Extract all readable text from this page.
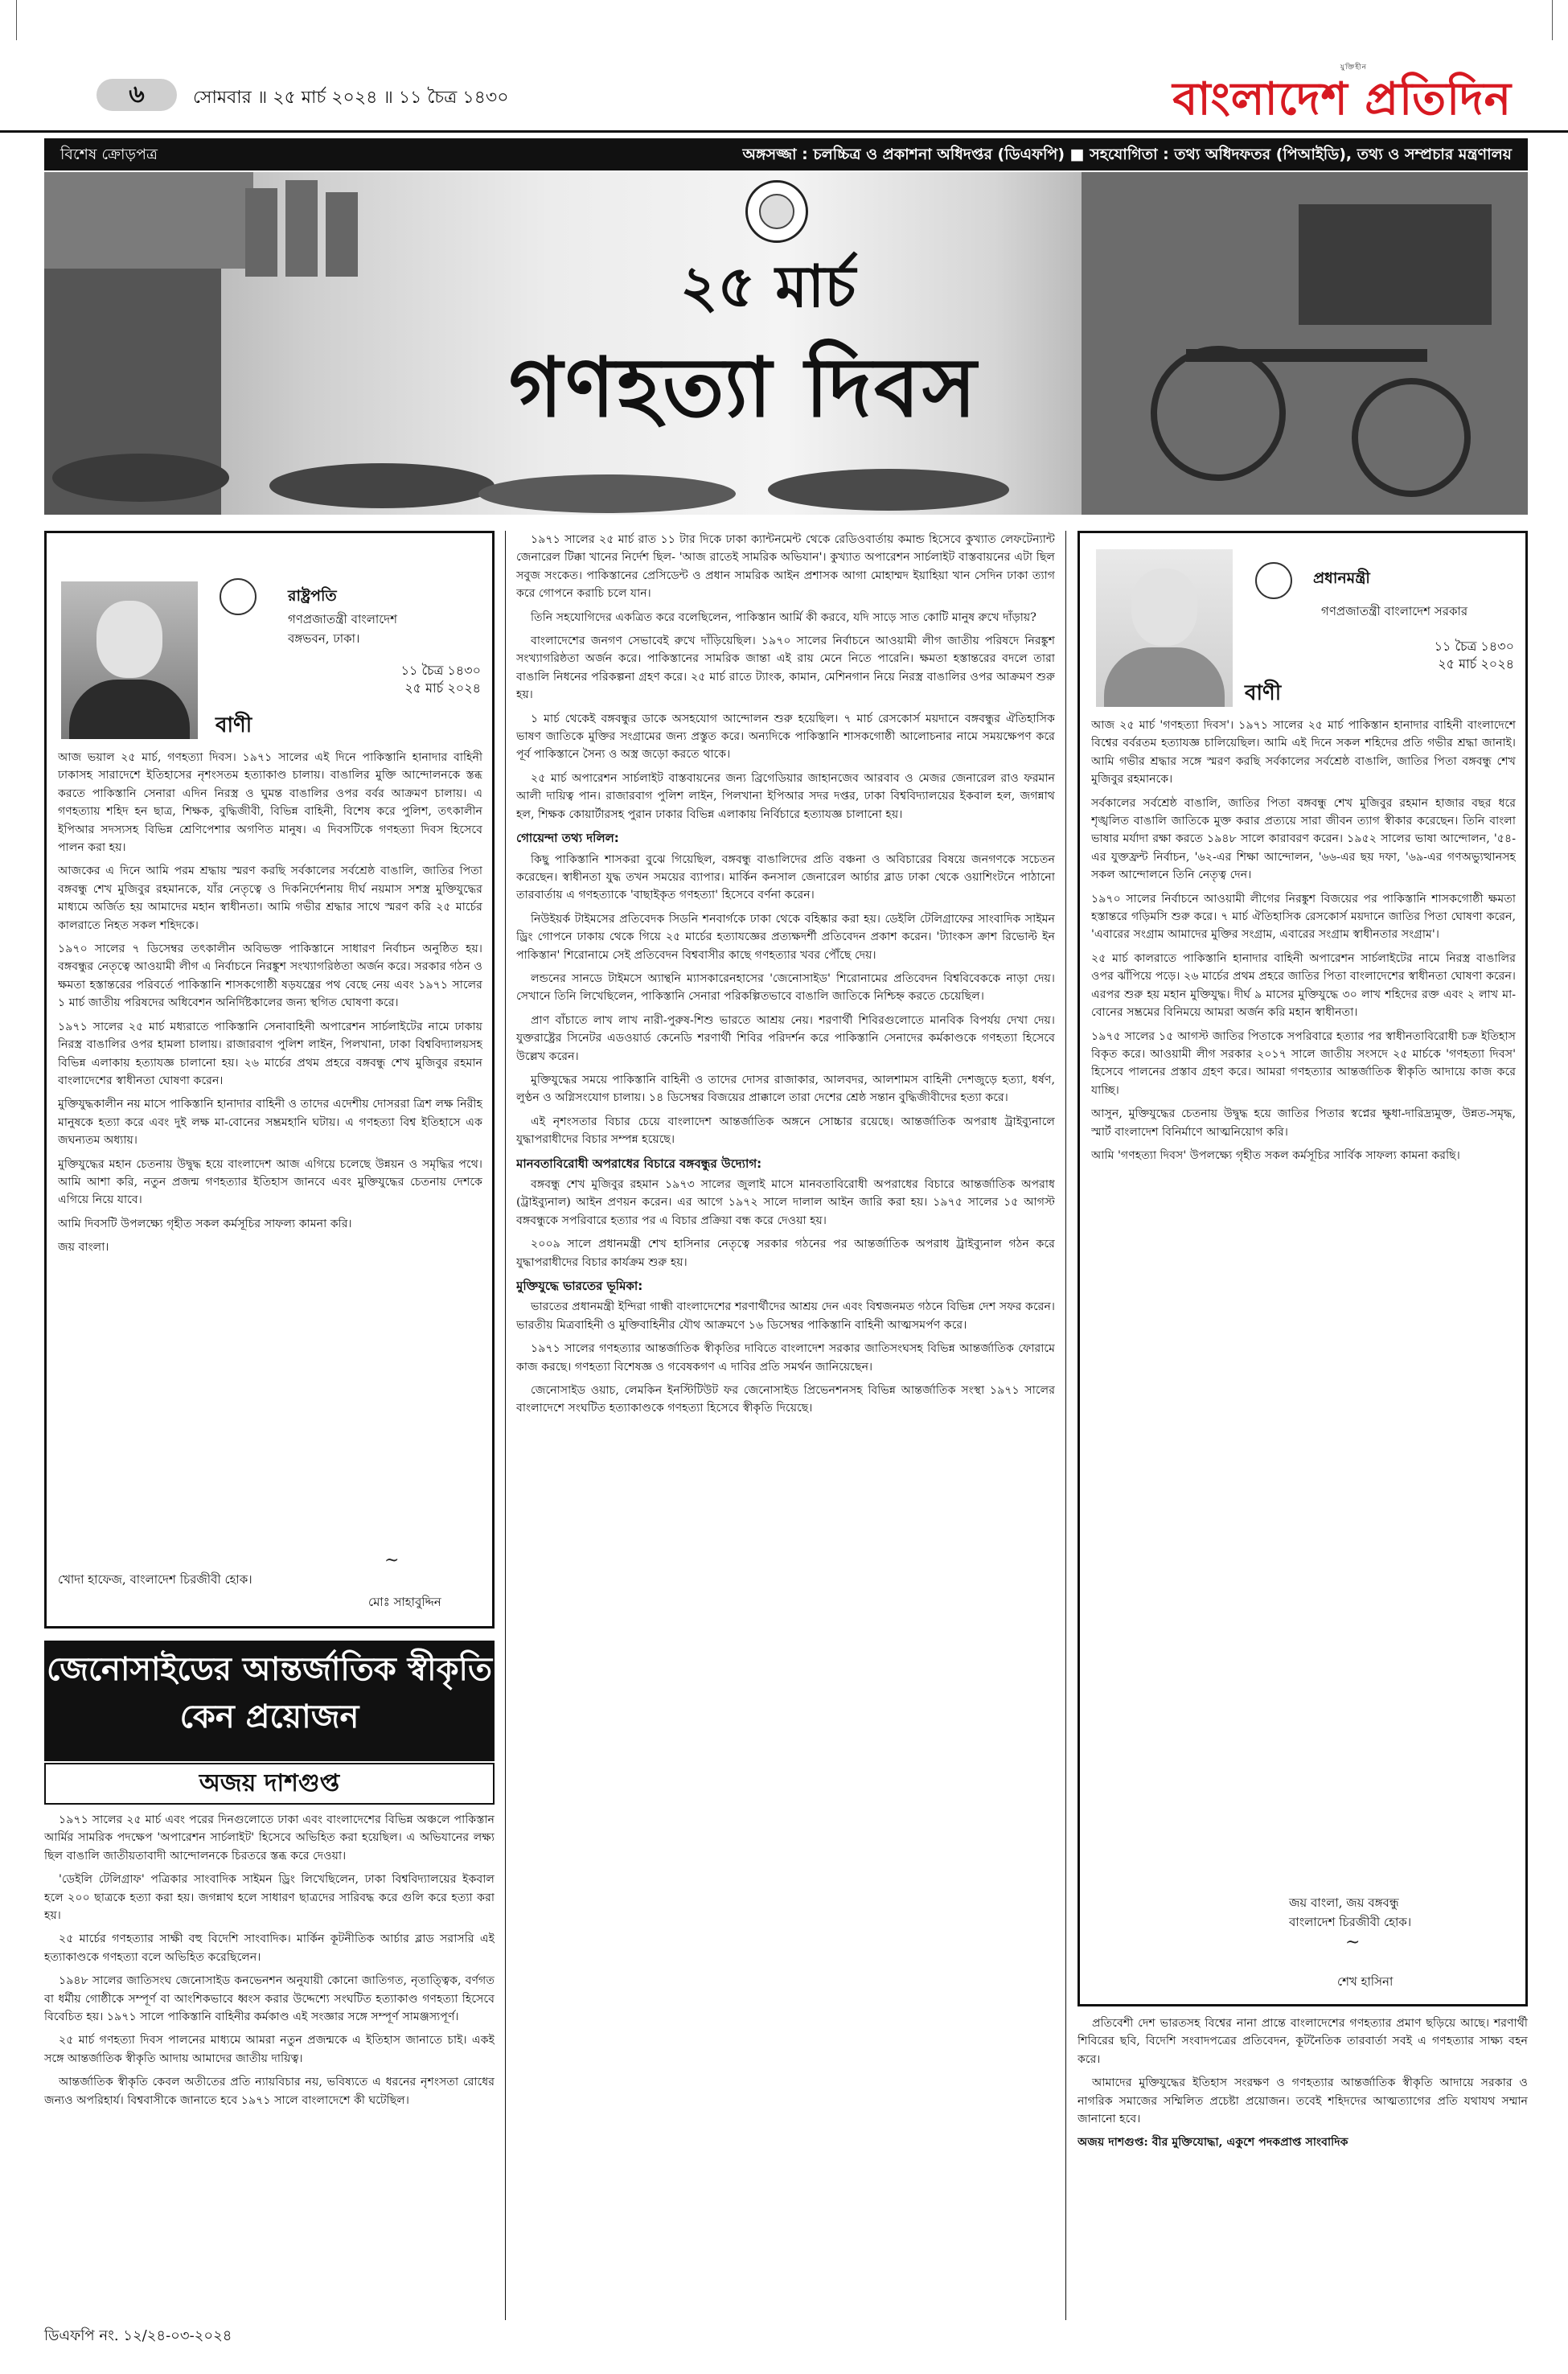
৬	সোমবার ॥ ২৫ মার্চ ২০২৪ ॥ ১১ চৈত্র ১৪৩০
যুক্তিহীন
বাংলাদেশ প্রতিদিন
বিশেষ ক্রোড়পত্র	অঙ্গসজ্জা : চলচ্চিত্র ও প্রকাশনা অধিদপ্তর (ডিএফপি) ■ সহযোগিতা : তথ্য অধিদফতর (পিআইডি), তথ্য ও সম্প্রচার মন্ত্রণালয়
২৫ মার্চ
গণহত্যা দিবস
রাষ্ট্রপতি
গণপ্রজাতন্ত্রী বাংলাদেশ
বঙ্গভবন, ঢাকা।
১১ চৈত্র ১৪৩০
২৫ মার্চ ২০২৪
বাণী

আজ ভয়াল ২৫ মার্চ, গণহত্যা দিবস। ১৯৭১ সালের এই দিনে পাকিস্তানি হানাদার বাহিনী ঢাকাসহ সারাদেশে ইতিহাসের নৃশংসতম হত্যাকাণ্ড চালায়। বাঙালির মুক্তি আন্দোলনকে স্তব্ধ করতে পাকিস্তানি সেনারা এদিন নিরস্ত্র ও ঘুমন্ত বাঙালির ওপর বর্বর আক্রমণ চালায়। এ গণহত্যায় শহিদ হন ছাত্র, শিক্ষক, বুদ্ধিজীবী, বিভিন্ন বাহিনী, বিশেষ করে পুলিশ, তৎকালীন ইপিআর সদস্যসহ বিভিন্ন শ্রেণিপেশার অগণিত মানুষ। এ দিবসটিকে গণহত্যা দিবস হিসেবে পালন করা হয়।

আজকের এ দিনে আমি পরম শ্রদ্ধায় স্মরণ করছি সর্বকালের সর্বশ্রেষ্ঠ বাঙালি, জাতির পিতা বঙ্গবন্ধু শেখ মুজিবুর রহমানকে, যাঁর নেতৃত্বে ও দিকনির্দেশনায় দীর্ঘ নয়মাস সশস্ত্র মুক্তিযুদ্ধের মাধ্যমে অর্জিত হয় আমাদের মহান স্বাধীনতা। আমি গভীর শ্রদ্ধার সাথে স্মরণ করি ২৫ মার্চের কালরাতে নিহত সকল শহিদকে।

১৯৭০ সালের ৭ ডিসেম্বর তৎকালীন অবিভক্ত পাকিস্তানে সাধারণ নির্বাচন অনুষ্ঠিত হয়। বঙ্গবন্ধুর নেতৃত্বে আওয়ামী লীগ এ নির্বাচনে নিরঙ্কুশ সংখ্যাগরিষ্ঠতা অর্জন করে। সরকার গঠন ও ক্ষমতা হস্তান্তরের পরিবর্তে পাকিস্তানি শাসকগোষ্ঠী ষড়যন্ত্রের পথ বেছে নেয় এবং ১৯৭১ সালের ১ মার্চ জাতীয় পরিষদের অধিবেশন অনির্দিষ্টকালের জন্য স্থগিত ঘোষণা করে।

১৯৭১ সালের ২৫ মার্চ মধ্যরাতে পাকিস্তানি সেনাবাহিনী অপারেশন সার্চলাইটের নামে ঢাকায় নিরস্ত্র বাঙালির ওপর হামলা চালায়। রাজারবাগ পুলিশ লাইন, পিলখানা, ঢাকা বিশ্ববিদ্যালয়সহ বিভিন্ন এলাকায় হত্যাযজ্ঞ চালানো হয়। ২৬ মার্চের প্রথম প্রহরে বঙ্গবন্ধু শেখ মুজিবুর রহমান বাংলাদেশের স্বাধীনতা ঘোষণা করেন।

মুক্তিযুদ্ধকালীন নয় মাসে পাকিস্তানি হানাদার বাহিনী ও তাদের এদেশীয় দোসররা ত্রিশ লক্ষ নিরীহ মানুষকে হত্যা করে এবং দুই লক্ষ মা-বোনের সম্ভ্রমহানি ঘটায়। এ গণহত্যা বিশ্ব ইতিহাসে এক জঘন্যতম অধ্যায়।

মুক্তিযুদ্ধের মহান চেতনায় উদ্বুদ্ধ হয়ে বাংলাদেশ আজ এগিয়ে চলেছে উন্নয়ন ও সমৃদ্ধির পথে। আমি আশা করি, নতুন প্রজন্ম গণহত্যার ইতিহাস জানবে এবং মুক্তিযুদ্ধের চেতনায় দেশকে এগিয়ে নিয়ে যাবে।

আমি দিবসটি উপলক্ষ্যে গৃহীত সকল কর্মসূচির সাফল্য কামনা করি।

জয় বাংলা।

খোদা হাফেজ, বাংলাদেশ চিরজীবী হোক।
~
মোঃ সাহাবুদ্দিন
জেনোসাইডের আন্তর্জাতিক স্বীকৃতি
কেন প্রয়োজন
অজয় দাশগুপ্ত

১৯৭১ সালের ২৫ মার্চ এবং পরের দিনগুলোতে ঢাকা এবং বাংলাদেশের বিভিন্ন অঞ্চলে পাকিস্তান আর্মির সামরিক পদক্ষেপ 'অপারেশন সার্চলাইট' হিসেবে অভিহিত করা হয়েছিল। এ অভিযানের লক্ষ্য ছিল বাঙালি জাতীয়তাবাদী আন্দোলনকে চিরতরে স্তব্ধ করে দেওয়া।

'ডেইলি টেলিগ্রাফ' পত্রিকার সাংবাদিক সাইমন ড্রিং লিখেছিলেন, ঢাকা বিশ্ববিদ্যালয়ের ইকবাল হলে ২০০ ছাত্রকে হত্যা করা হয়। জগন্নাথ হলে সাধারণ ছাত্রদের সারিবদ্ধ করে গুলি করে হত্যা করা হয়।

২৫ মার্চের গণহত্যার সাক্ষী বহু বিদেশি সাংবাদিক। মার্কিন কূটনীতিক আর্চার ব্লাড সরাসরি এই হত্যাকাণ্ডকে গণহত্যা বলে অভিহিত করেছিলেন।

১৯৪৮ সালের জাতিসংঘ জেনোসাইড কনভেনশন অনুযায়ী কোনো জাতিগত, নৃতাত্ত্বিক, বর্ণগত বা ধর্মীয় গোষ্ঠীকে সম্পূর্ণ বা আংশিকভাবে ধ্বংস করার উদ্দেশ্যে সংঘটিত হত্যাকাণ্ড গণহত্যা হিসেবে বিবেচিত হয়। ১৯৭১ সালে পাকিস্তানি বাহিনীর কর্মকাণ্ড এই সংজ্ঞার সঙ্গে সম্পূর্ণ সামঞ্জস্যপূর্ণ।

২৫ মার্চ গণহত্যা দিবস পালনের মাধ্যমে আমরা নতুন প্রজন্মকে এ ইতিহাস জানাতে চাই। একই সঙ্গে আন্তর্জাতিক স্বীকৃতি আদায় আমাদের জাতীয় দায়িত্ব।

আন্তর্জাতিক স্বীকৃতি কেবল অতীতের প্রতি ন্যায়বিচার নয়, ভবিষ্যতে এ ধরনের নৃশংসতা রোধের জন্যও অপরিহার্য। বিশ্ববাসীকে জানাতে হবে ১৯৭১ সালে বাংলাদেশে কী ঘটেছিল।

১৯৭১ সালের ২৫ মার্চ রাত ১১ টার দিকে ঢাকা ক্যান্টনমেন্ট থেকে রেডিওবার্তায় কমান্ড হিসেবে কুখ্যাত লেফটেন্যান্ট জেনারেল টিক্কা খানের নির্দেশ ছিল- 'আজ রাতেই সামরিক অভিযান'। কুখ্যাত অপারেশন সার্চলাইট বাস্তবায়নের এটা ছিল সবুজ সংকেত। পাকিস্তানের প্রেসিডেন্ট ও প্রধান সামরিক আইন প্রশাসক আগা মোহাম্মদ ইয়াহিয়া খান সেদিন ঢাকা ত্যাগ করে গোপনে করাচি চলে যান।

তিনি সহযোগিদের একত্রিত করে বলেছিলেন, পাকিস্তান আর্মি কী করবে, যদি সাড়ে সাত কোটি মানুষ রুখে দাঁড়ায়?

বাংলাদেশের জনগণ সেভাবেই রুখে দাঁড়িয়েছিল। ১৯৭০ সালের নির্বাচনে আওয়ামী লীগ জাতীয় পরিষদে নিরঙ্কুশ সংখ্যাগরিষ্ঠতা অর্জন করে। পাকিস্তানের সামরিক জান্তা এই রায় মেনে নিতে পারেনি। ক্ষমতা হস্তান্তরের বদলে তারা বাঙালি নিধনের পরিকল্পনা গ্রহণ করে। ২৫ মার্চ রাতে ট্যাংক, কামান, মেশিনগান নিয়ে নিরস্ত্র বাঙালির ওপর আক্রমণ শুরু হয়।

১ মার্চ থেকেই বঙ্গবন্ধুর ডাকে অসহযোগ আন্দোলন শুরু হয়েছিল। ৭ মার্চ রেসকোর্স ময়দানে বঙ্গবন্ধুর ঐতিহাসিক ভাষণ জাতিকে মুক্তির সংগ্রামের জন্য প্রস্তুত করে। অন্যদিকে পাকিস্তানি শাসকগোষ্ঠী আলোচনার নামে সময়ক্ষেপণ করে পূর্ব পাকিস্তানে সৈন্য ও অস্ত্র জড়ো করতে থাকে।

২৫ মার্চ অপারেশন সার্চলাইট বাস্তবায়নের জন্য ব্রিগেডিয়ার জাহানজেব আরবাব ও মেজর জেনারেল রাও ফরমান আলী দায়িত্ব পান। রাজারবাগ পুলিশ লাইন, পিলখানা ইপিআর সদর দপ্তর, ঢাকা বিশ্ববিদ্যালয়ের ইকবাল হল, জগন্নাথ হল, শিক্ষক কোয়ার্টারসহ পুরান ঢাকার বিভিন্ন এলাকায় নির্বিচারে হত্যাযজ্ঞ চালানো হয়।

গোয়েন্দা তথ্য দলিল:

কিছু পাকিস্তানি শাসকরা বুঝে গিয়েছিল, বঙ্গবন্ধু বাঙালিদের প্রতি বঞ্চনা ও অবিচারের বিষয়ে জনগণকে সচেতন করেছেন। স্বাধীনতা যুদ্ধ তখন সময়ের ব্যাপার। মার্কিন কনসাল জেনারেল আর্চার ব্লাড ঢাকা থেকে ওয়াশিংটনে পাঠানো তারবার্তায় এ গণহত্যাকে 'বাছাইকৃত গণহত্যা' হিসেবে বর্ণনা করেন।

নিউইয়র্ক টাইমসের প্রতিবেদক সিডনি শনবার্গকে ঢাকা থেকে বহিষ্কার করা হয়। ডেইলি টেলিগ্রাফের সাংবাদিক সাইমন ড্রিং গোপনে ঢাকায় থেকে গিয়ে ২৫ মার্চের হত্যাযজ্ঞের প্রত্যক্ষদর্শী প্রতিবেদন প্রকাশ করেন। 'ট্যাংকস ক্রাশ রিভোল্ট ইন পাকিস্তান' শিরোনামে সেই প্রতিবেদন বিশ্ববাসীর কাছে গণহত্যার খবর পৌঁছে দেয়।

লন্ডনের সানডে টাইমসে অ্যান্থনি ম্যাসকারেনহাসের 'জেনোসাইড' শিরোনামের প্রতিবেদন বিশ্ববিবেককে নাড়া দেয়। সেখানে তিনি লিখেছিলেন, পাকিস্তানি সেনারা পরিকল্পিতভাবে বাঙালি জাতিকে নিশ্চিহ্ন করতে চেয়েছিল।

প্রাণ বাঁচাতে লাখ লাখ নারী-পুরুষ-শিশু ভারতে আশ্রয় নেয়। শরণার্থী শিবিরগুলোতে মানবিক বিপর্যয় দেখা দেয়। যুক্তরাষ্ট্রের সিনেটর এডওয়ার্ড কেনেডি শরণার্থী শিবির পরিদর্শন করে পাকিস্তানি সেনাদের কর্মকাণ্ডকে গণহত্যা হিসেবে উল্লেখ করেন।

মুক্তিযুদ্ধের সময়ে পাকিস্তানি বাহিনী ও তাদের দোসর রাজাকার, আলবদর, আলশামস বাহিনী দেশজুড়ে হত্যা, ধর্ষণ, লুণ্ঠন ও অগ্নিসংযোগ চালায়। ১৪ ডিসেম্বর বিজয়ের প্রাক্কালে তারা দেশের শ্রেষ্ঠ সন্তান বুদ্ধিজীবীদের হত্যা করে।

এই নৃশংসতার বিচার চেয়ে বাংলাদেশ আন্তর্জাতিক অঙ্গনে সোচ্চার রয়েছে। আন্তর্জাতিক অপরাধ ট্রাইব্যুনালে যুদ্ধাপরাধীদের বিচার সম্পন্ন হয়েছে।

মানবতাবিরোধী অপরাধের বিচারে বঙ্গবন্ধুর উদ্যোগ:

বঙ্গবন্ধু শেখ মুজিবুর রহমান ১৯৭৩ সালের জুলাই মাসে মানবতাবিরোধী অপরাধের বিচারে আন্তর্জাতিক অপরাধ (ট্রাইব্যুনাল) আইন প্রণয়ন করেন। এর আগে ১৯৭২ সালে দালাল আইন জারি করা হয়। ১৯৭৫ সালের ১৫ আগস্ট বঙ্গবন্ধুকে সপরিবারে হত্যার পর এ বিচার প্রক্রিয়া বন্ধ করে দেওয়া হয়।

২০০৯ সালে প্রধানমন্ত্রী শেখ হাসিনার নেতৃত্বে সরকার গঠনের পর আন্তর্জাতিক অপরাধ ট্রাইব্যুনাল গঠন করে যুদ্ধাপরাধীদের বিচার কার্যক্রম শুরু হয়।

মুক্তিযুদ্ধে ভারতের ভূমিকা:

ভারতের প্রধানমন্ত্রী ইন্দিরা গান্ধী বাংলাদেশের শরণার্থীদের আশ্রয় দেন এবং বিশ্বজনমত গঠনে বিভিন্ন দেশ সফর করেন। ভারতীয় মিত্রবাহিনী ও মুক্তিবাহিনীর যৌথ আক্রমণে ১৬ ডিসেম্বর পাকিস্তানি বাহিনী আত্মসমর্পণ করে।

১৯৭১ সালের গণহত্যার আন্তর্জাতিক স্বীকৃতির দাবিতে বাংলাদেশ সরকার জাতিসংঘসহ বিভিন্ন আন্তর্জাতিক ফোরামে কাজ করছে। গণহত্যা বিশেষজ্ঞ ও গবেষকগণ এ দাবির প্রতি সমর্থন জানিয়েছেন।

জেনোসাইড ওয়াচ, লেমকিন ইনস্টিটিউট ফর জেনোসাইড প্রিভেনশনসহ বিভিন্ন আন্তর্জাতিক সংস্থা ১৯৭১ সালের বাংলাদেশে সংঘটিত হত্যাকাণ্ডকে গণহত্যা হিসেবে স্বীকৃতি দিয়েছে।

প্রধানমন্ত্রী
গণপ্রজাতন্ত্রী বাংলাদেশ সরকার
১১ চৈত্র ১৪৩০
২৫ মার্চ ২০২৪
বাণী

আজ ২৫ মার্চ 'গণহত্যা দিবস'। ১৯৭১ সালের ২৫ মার্চ পাকিস্তান হানাদার বাহিনী বাংলাদেশে বিশ্বের বর্বরতম হত্যাযজ্ঞ চালিয়েছিল। আমি এই দিনে সকল শহিদের প্রতি গভীর শ্রদ্ধা জানাই। আমি গভীর শ্রদ্ধার সঙ্গে স্মরণ করছি সর্বকালের সর্বশ্রেষ্ঠ বাঙালি, জাতির পিতা বঙ্গবন্ধু শেখ মুজিবুর রহমানকে।

সর্বকালের সর্বশ্রেষ্ঠ বাঙালি, জাতির পিতা বঙ্গবন্ধু শেখ মুজিবুর রহমান হাজার বছর ধরে শৃঙ্খলিত বাঙালি জাতিকে মুক্ত করার প্রত্যয়ে সারা জীবন ত্যাগ স্বীকার করেছেন। তিনি বাংলা ভাষার মর্যাদা রক্ষা করতে ১৯৪৮ সালে কারাবরণ করেন। ১৯৫২ সালের ভাষা আন্দোলন, '৫৪-এর যুক্তফ্রন্ট নির্বাচন, '৬২-এর শিক্ষা আন্দোলন, '৬৬-এর ছয় দফা, '৬৯-এর গণঅভ্যুত্থানসহ সকল আন্দোলনে তিনি নেতৃত্ব দেন।

১৯৭০ সালের নির্বাচনে আওয়ামী লীগের নিরঙ্কুশ বিজয়ের পর পাকিস্তানি শাসকগোষ্ঠী ক্ষমতা হস্তান্তরে গড়িমসি শুরু করে। ৭ মার্চ ঐতিহাসিক রেসকোর্স ময়দানে জাতির পিতা ঘোষণা করেন, 'এবারের সংগ্রাম আমাদের মুক্তির সংগ্রাম, এবারের সংগ্রাম স্বাধীনতার সংগ্রাম'।

২৫ মার্চ কালরাতে পাকিস্তানি হানাদার বাহিনী অপারেশন সার্চলাইটের নামে নিরস্ত্র বাঙালির ওপর ঝাঁপিয়ে পড়ে। ২৬ মার্চের প্রথম প্রহরে জাতির পিতা বাংলাদেশের স্বাধীনতা ঘোষণা করেন। এরপর শুরু হয় মহান মুক্তিযুদ্ধ। দীর্ঘ ৯ মাসের মুক্তিযুদ্ধে ৩০ লাখ শহিদের রক্ত এবং ২ লাখ মা-বোনের সম্ভ্রমের বিনিময়ে আমরা অর্জন করি মহান স্বাধীনতা।

১৯৭৫ সালের ১৫ আগস্ট জাতির পিতাকে সপরিবারে হত্যার পর স্বাধীনতাবিরোধী চক্র ইতিহাস বিকৃত করে। আওয়ামী লীগ সরকার ২০১৭ সালে জাতীয় সংসদে ২৫ মার্চকে 'গণহত্যা দিবস' হিসেবে পালনের প্রস্তাব গ্রহণ করে। আমরা গণহত্যার আন্তর্জাতিক স্বীকৃতি আদায়ে কাজ করে যাচ্ছি।

আসুন, মুক্তিযুদ্ধের চেতনায় উদ্বুদ্ধ হয়ে জাতির পিতার স্বপ্নের ক্ষুধা-দারিদ্র্যমুক্ত, উন্নত-সমৃদ্ধ, স্মার্ট বাংলাদেশ বিনির্মাণে আত্মনিয়োগ করি।

আমি 'গণহত্যা দিবস' উপলক্ষ্যে গৃহীত সকল কর্মসূচির সার্বিক সাফল্য কামনা করছি।

জয় বাংলা, জয় বঙ্গবন্ধু
বাংলাদেশ চিরজীবী হোক।
~
শেখ হাসিনা

প্রতিবেশী দেশ ভারতসহ বিশ্বের নানা প্রান্তে বাংলাদেশের গণহত্যার প্রমাণ ছড়িয়ে আছে। শরণার্থী শিবিরের ছবি, বিদেশি সংবাদপত্রের প্রতিবেদন, কূটনৈতিক তারবার্তা সবই এ গণহত্যার সাক্ষ্য বহন করে।

আমাদের মুক্তিযুদ্ধের ইতিহাস সংরক্ষণ ও গণহত্যার আন্তর্জাতিক স্বীকৃতি আদায়ে সরকার ও নাগরিক সমাজের সম্মিলিত প্রচেষ্টা প্রয়োজন। তবেই শহিদদের আত্মত্যাগের প্রতি যথাযথ সম্মান জানানো হবে।

অজয় দাশগুপ্ত: বীর মুক্তিযোদ্ধা, একুশে পদকপ্রাপ্ত সাংবাদিক

ডিএফপি নং. ১২/২৪-০৩-২০২৪
